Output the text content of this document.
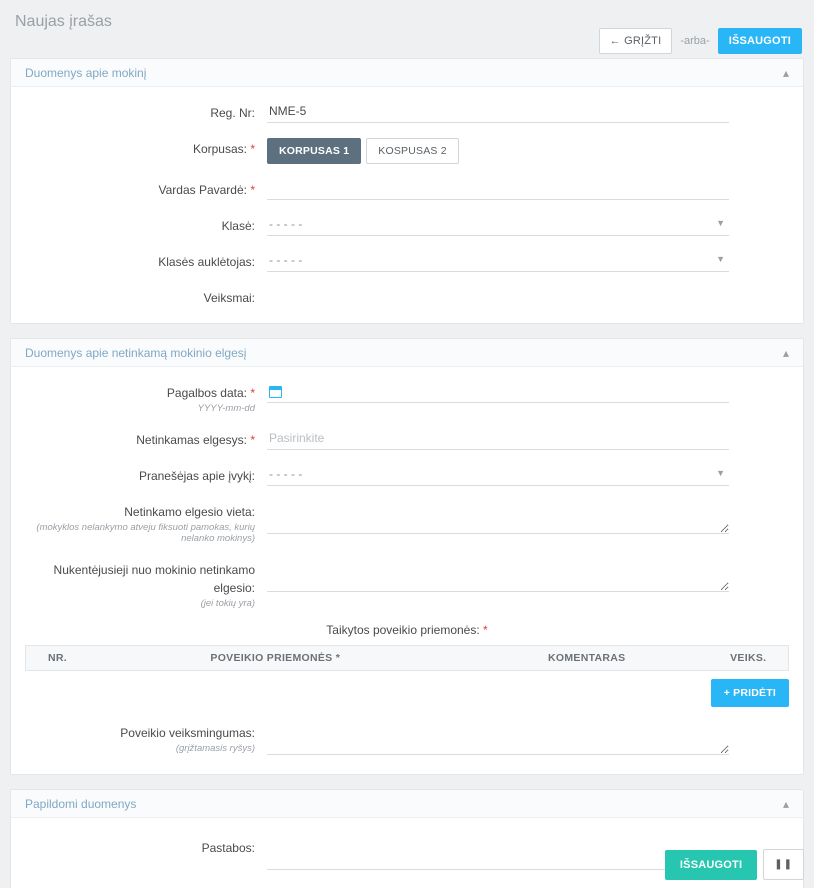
Naujas įrašas
← GRĮŽTI	-arba-	IŠSAUGOTI
Duomenys apie mokinį	▴
Reg. Nr:
NME-5
Korpusas: *	KORPUSAS 1	KOSPUSAS 2
Vardas Pavardė: *
Klasė:
- - - - -	▼
Klasės auklėtojas:
- - - - -	▼
Veiksmai:
Duomenys apie netinkamą mokinio elgesį	▴
Pagalbos data: *
YYYY-mm-dd
Netinkamas elgesys: *
Pasirinkite
Pranešėjas apie įvykį:
- - - - -	▼
Netinkamo elgesio vieta:
(mokyklos nelankymo atveju fiksuoti pamokas, kurių nelanko mokinys)
Nukentėjusieji nuo mokinio netinkamo elgesio:
(jei tokių yra)
Taikytos poveikio priemonės: *
NR.	POVEIKIO PRIEMONĖS *	KOMENTARAS	VEIKS.
+ PRIDĖTI
Poveikio veiksmingumas:
(grįžtamasis ryšys)
Papildomi duomenys	▴
Pastabos:
IŠSAUGOTI	❚❚
